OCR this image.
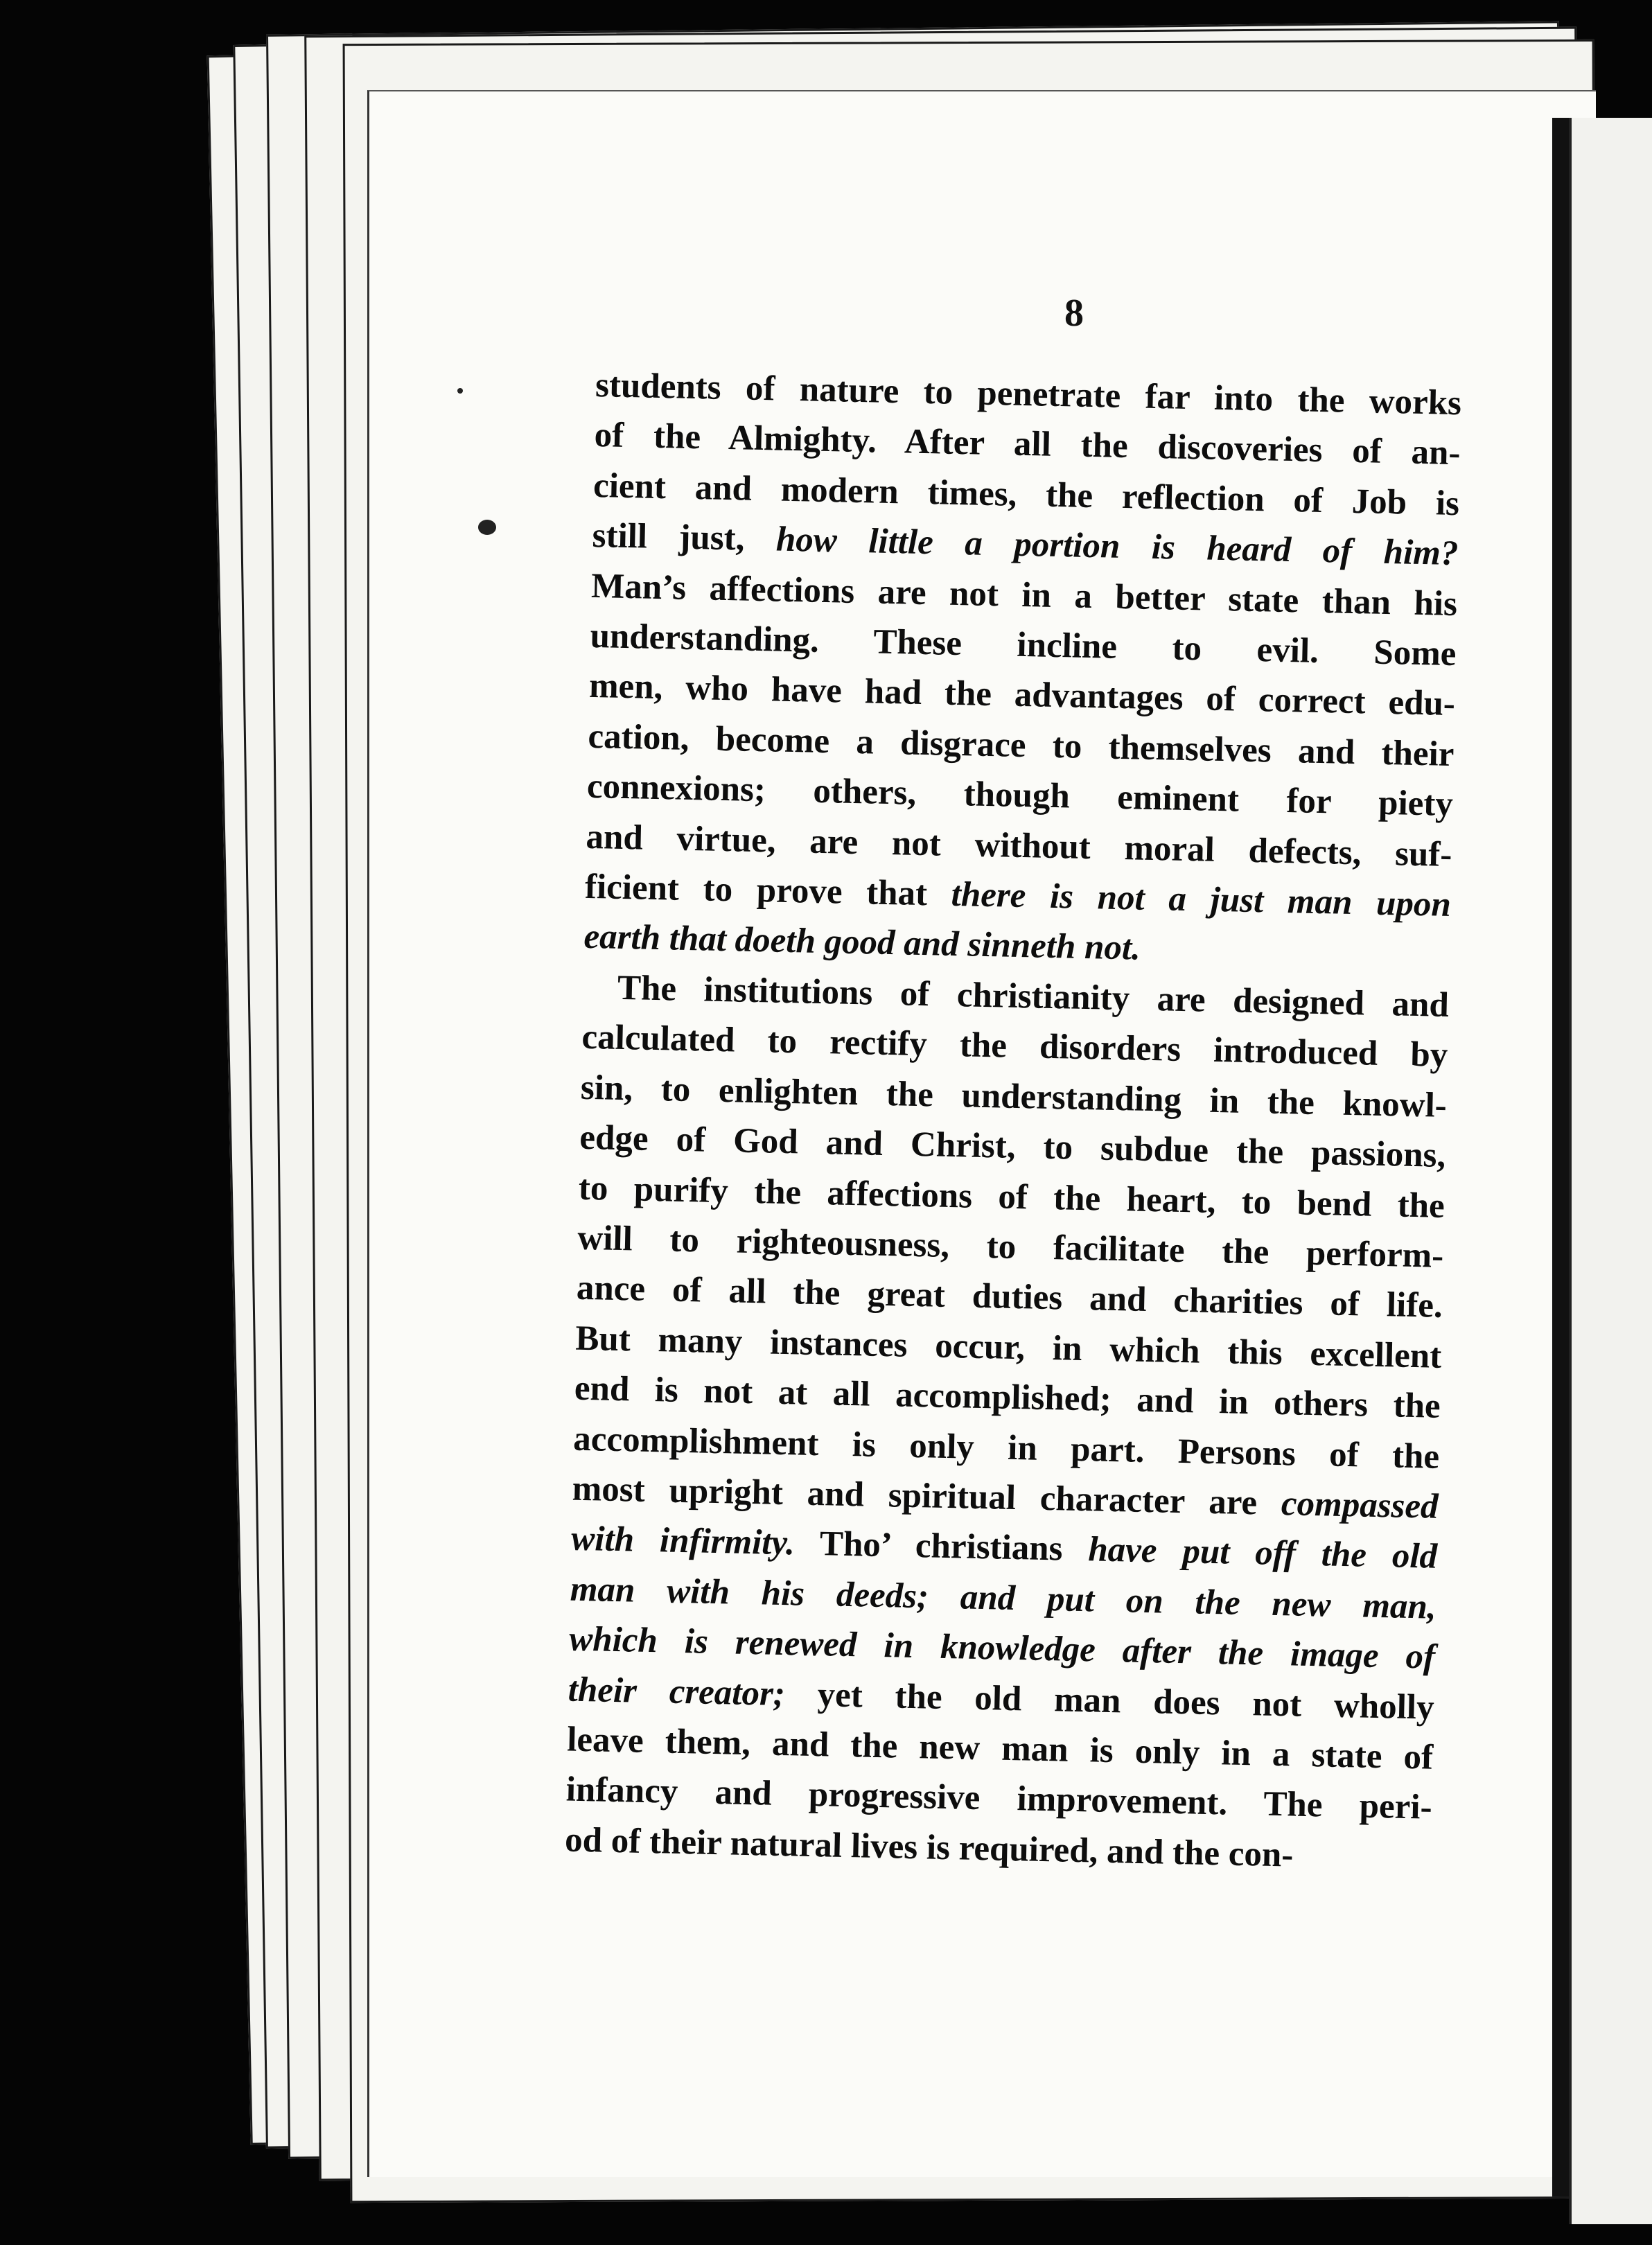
8

students of nature to penetrate far into the works
of the Almighty. After all the discoveries of an-
cient and modern times, the reflection of Job is
still just, how little a portion is heard of him?
Man’s affections are not in a better state than his
understanding. These incline to evil. Some
men, who have had the advantages of correct edu-
cation, become a disgrace to themselves and their
connexions; others, though eminent for piety
and virtue, are not without moral defects, suf-
ficient to prove that there is not a just man upon
earth that doeth good and sinneth not.

The institutions of christianity are designed and
calculated to rectify the disorders introduced by
sin, to enlighten the understanding in the knowl-
edge of God and Christ, to subdue the passions,
to purify the affections of the heart, to bend the
will to righteousness, to facilitate the perform-
ance of all the great duties and charities of life.
But many instances occur, in which this excellent
end is not at all accomplished; and in others the
accomplishment is only in part. Persons of the
most upright and spiritual character are compassed
with infirmity. Tho’ christians have put off the old
man with his deeds; and put on the new man,
which is renewed in knowledge after the image of
their creator; yet the old man does not wholly
leave them, and the new man is only in a state of
infancy and progressive improvement. The peri-
od of their natural lives is required, and the con-
